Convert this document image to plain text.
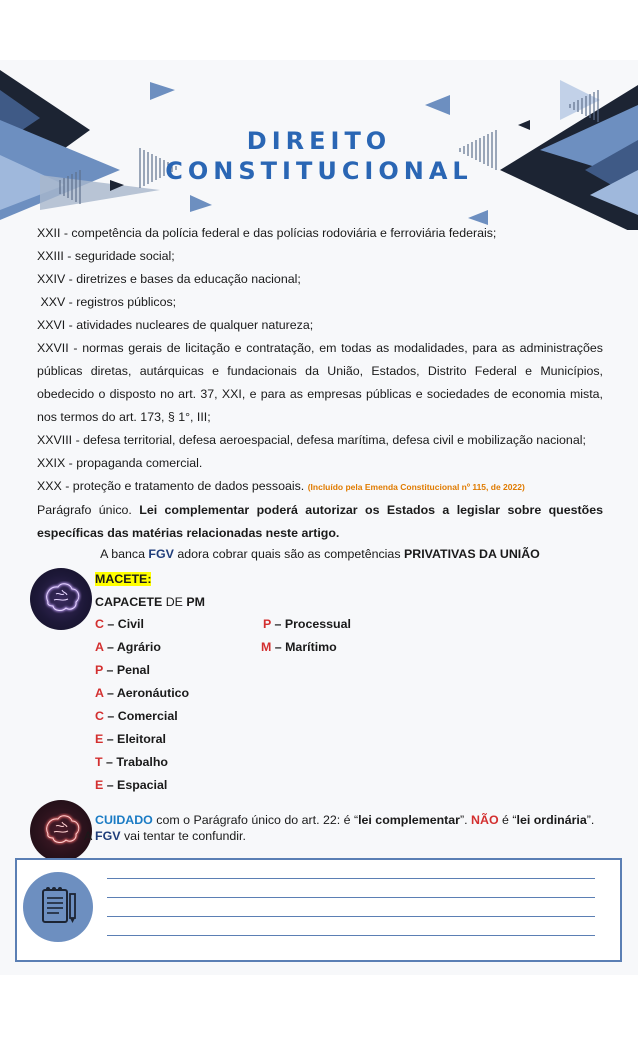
DIREITO
CONSTITUCIONAL

XXII - competência da polícia federal e das polícias rodoviária e ferroviária federais;

XXIII - seguridade social;

XXIV - diretrizes e bases da educação nacional;

XXV - registros públicos;

XXVI - atividades nucleares de qualquer natureza;

XXVII - normas gerais de licitação e contratação, em todas as modalidades, para as administrações públicas diretas, autárquicas e fundacionais da União, Estados, Distrito Federal e Municípios, obedecido o disposto no art. 37, XXI, e para as empresas públicas e sociedades de economia mista, nos termos do art. 173, § 1°, III;

XXVIII - defesa territorial, defesa aeroespacial, defesa marítima, defesa civil e mobilização nacional;

XXIX - propaganda comercial.

XXX - proteção e tratamento de dados pessoais. (Incluído pela Emenda Constitucional nº 115, de 2022)

Parágrafo único. Lei complementar poderá autorizar os Estados a legislar sobre questões específicas das matérias relacionadas neste artigo.

A banca FGV adora cobrar quais são as competências PRIVATIVAS DA UNIÃO

MACETE:
CAPACETE DE PM
C – Civil
A – Agrário
P – Penal
A – Aeronáutico
C – Comercial
E – Eleitoral
T – Trabalho
E – Espacial
P – Processual
M – Marítimo
CUIDADO com o Parágrafo único do art. 22: é “lei complementar”. NÃO é “lei ordinária”.
A FGV vai tentar te confundir.
